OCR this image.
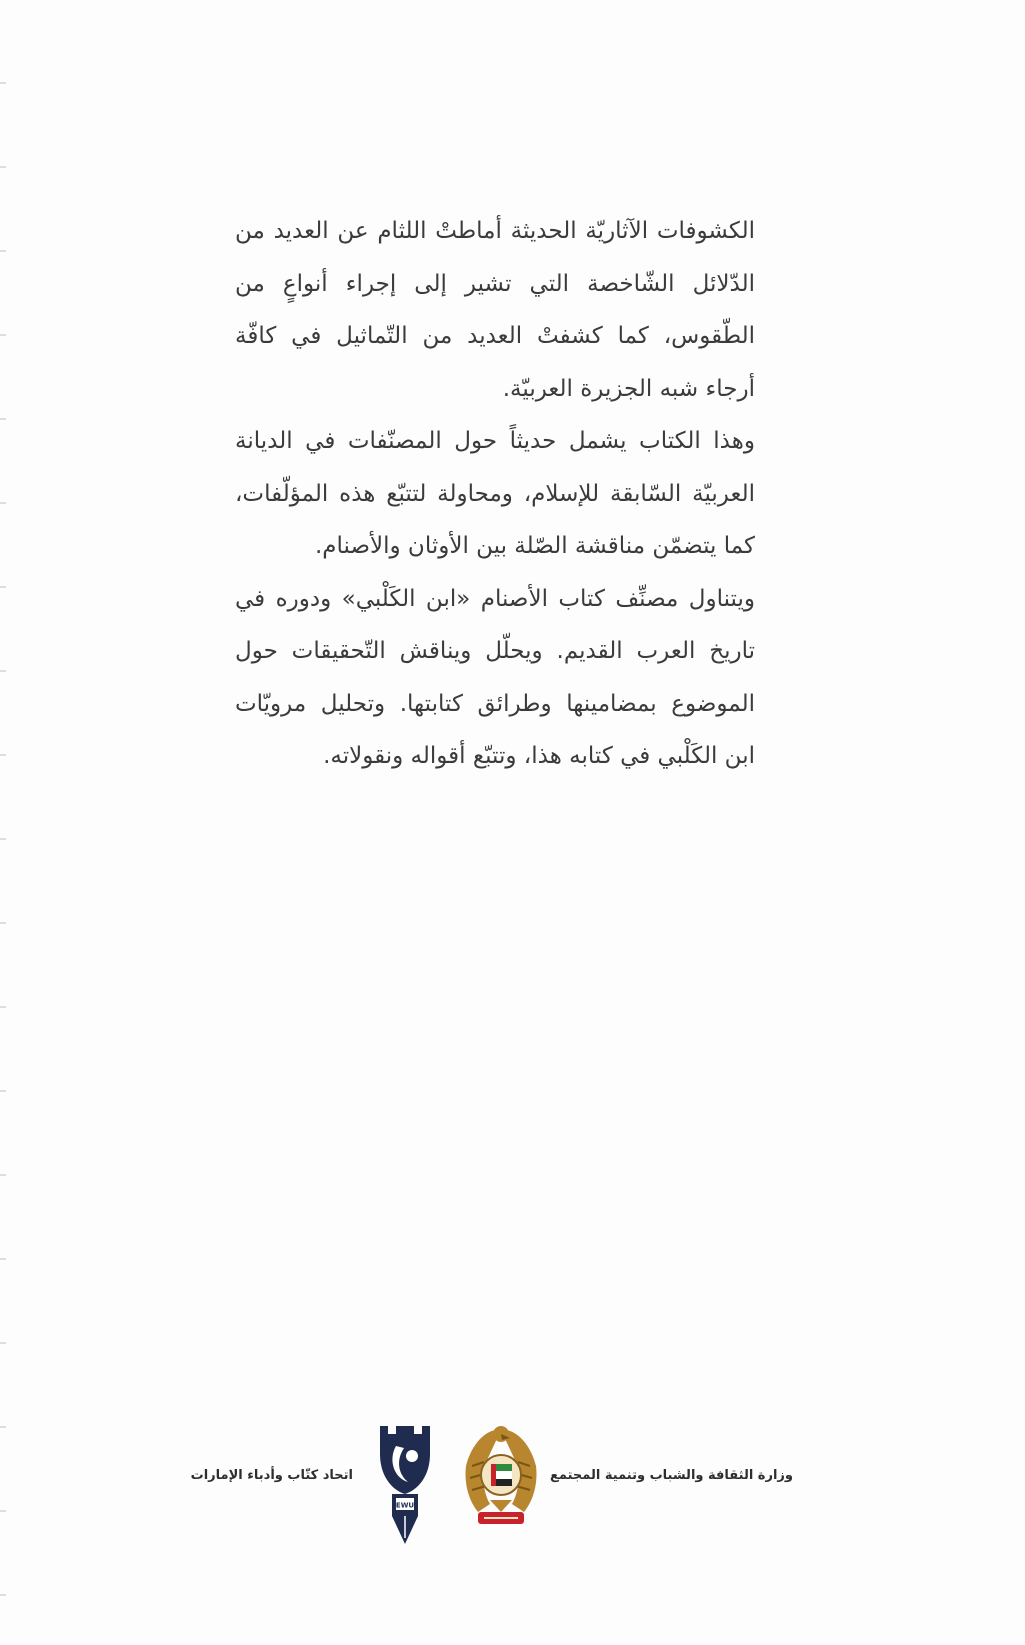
الكشوفات الآثاريّة الحديثة أماطتْ اللثام عن العديد من الدّلائل الشّاخصة التي تشير إلى إجراء أنواعٍ من الطّقوس، كما كشفتْ العديد من التّماثيل في كافّة أرجاء شبه الجزيرة العربيّة.

وهذا الكتاب يشمل حديثاً حول المصنّفات في الديانة العربيّة السّابقة للإسلام، ومحاولة لتتبّع هذه المؤلّفات، كما يتضمّن مناقشة الصّلة بين الأوثان والأصنام.

ويتناول مصنِّف كتاب الأصنام «ابن الكَلْبي» ودوره في تاريخ العرب القديم. ويحلّل ويناقش التّحقيقات حول الموضوع بمضامينها وطرائق كتابتها. وتحليل مرويّات ابن الكَلْبي في كتابه هذا، وتتبّع أقواله ونقولاته.

وزارة الثقافة والشباب وتنمية المجتمع
EWU
اتحاد كتّاب وأدباء الإمارات
